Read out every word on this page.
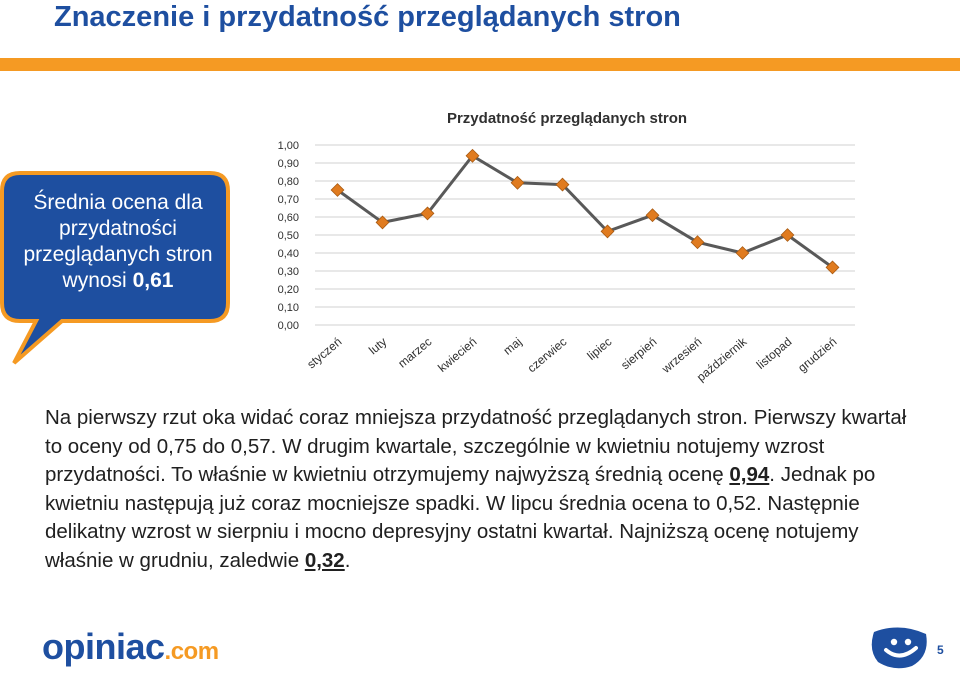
Znaczenie i przydatność przeglądanych stron
Średnia ocena dla przydatności przeglądanych stron wynosi 0,61
Przydatność przeglądanych stron
0,00
0,10
0,20
0,30
0,40
0,50
0,60
0,70
0,80
0,90
1,00
styczeń luty marzec kwiecień maj czerwiec lipiec sierpień wrzesień
październik listopad grudzień
Na pierwszy rzut oka widać coraz mniejsza przydatność przeglądanych stron. Pierwszy kwartał to oceny od 0,75 do 0,57. W drugim kwartale, szczególnie w kwietniu notujemy wzrost przydatności. To właśnie w kwietniu otrzymujemy najwyższą średnią ocenę 0,94. Jednak po kwietniu następują już coraz mocniejsze spadki. W lipcu średnia ocena to 0,52. Następnie delikatny wzrost w sierpniu i mocno depresyjny ostatni kwartał. Najniższą ocenę notujemy właśnie w grudniu, zaledwie 0,32.
opiniac.com	5
